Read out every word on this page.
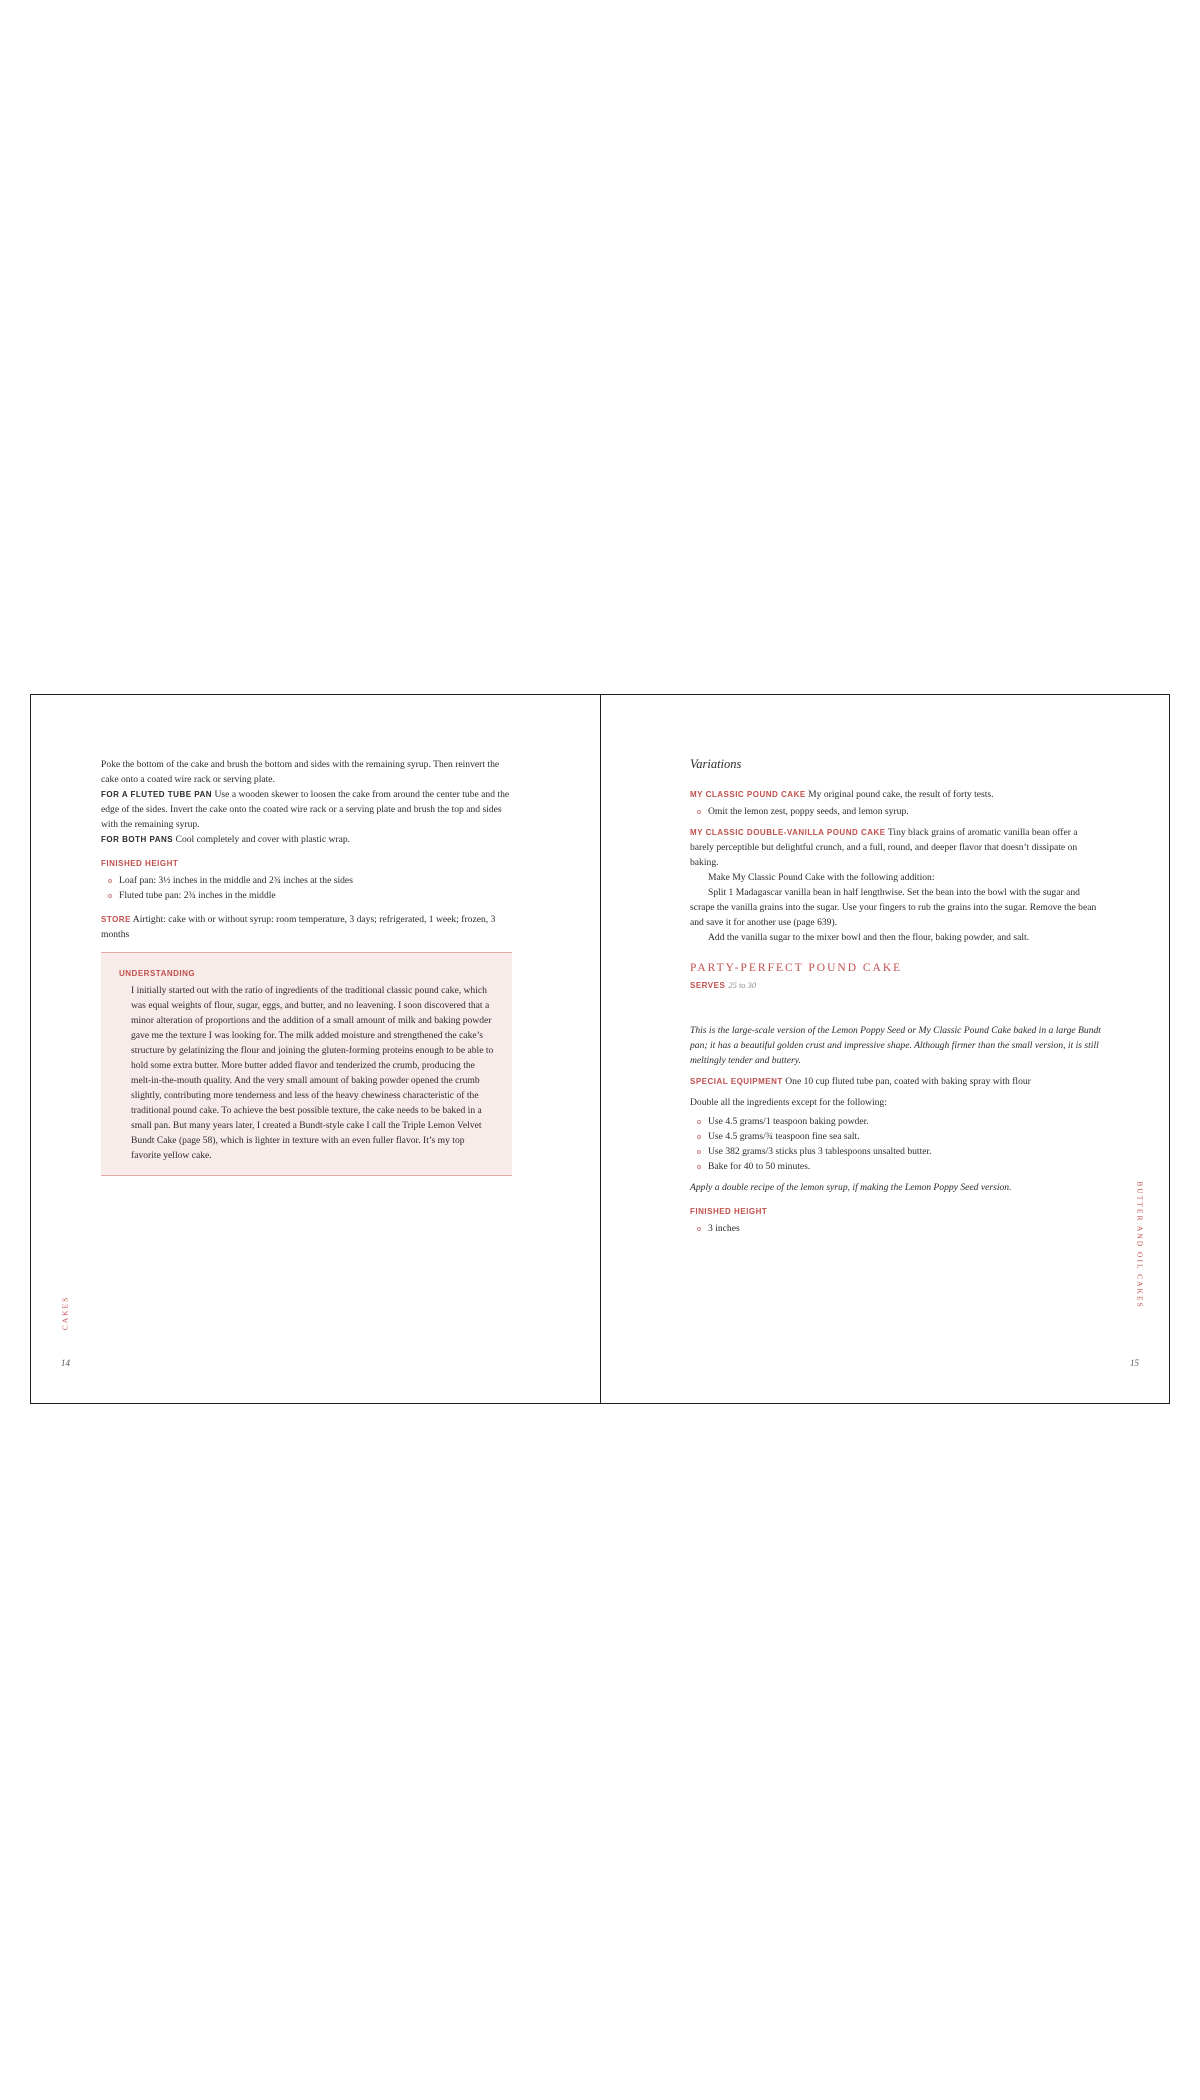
Poke the bottom of the cake and brush the bottom and sides with the remaining syrup. Then reinvert the cake onto a coated wire rack or serving plate.

FOR A FLUTED TUBE PAN Use a wooden skewer to loosen the cake from around the center tube and the edge of the sides. Invert the cake onto the coated wire rack or a serving plate and brush the top and sides with the remaining syrup.

FOR BOTH PANS Cool completely and cover with plastic wrap.

FINISHED HEIGHT

Loaf pan: 3½ inches in the middle and 2¾ inches at the sides
Fluted tube pan: 2¾ inches in the middle

STORE Airtight: cake with or without syrup: room temperature, 3 days; refrigerated, 1 week; frozen, 3 months

UNDERSTANDING

I initially started out with the ratio of ingredients of the traditional classic pound cake, which was equal weights of flour, sugar, eggs, and butter, and no leavening. I soon discovered that a minor alteration of proportions and the addition of a small amount of milk and baking powder gave me the texture I was looking for. The milk added moisture and strengthened the cake’s structure by gelatinizing the flour and joining the gluten-forming proteins enough to be able to hold some extra butter. More butter added flavor and tenderized the crumb, producing the melt-in-the-mouth quality. And the very small amount of baking powder opened the crumb slightly, contributing more tenderness and less of the heavy chewiness characteristic of the traditional pound cake. To achieve the best possible texture, the cake needs to be baked in a small pan. But many years later, I created a Bundt-style cake I call the Triple Lemon Velvet Bundt Cake (page 58), which is lighter in texture with an even fuller flavor. It’s my top favorite yellow cake.

CAKES
14

Variations

MY CLASSIC POUND CAKE My original pound cake, the result of forty tests.

Omit the lemon zest, poppy seeds, and lemon syrup.

MY CLASSIC DOUBLE-VANILLA POUND CAKE Tiny black grains of aromatic vanilla bean offer a barely perceptible but delightful crunch, and a full, round, and deeper flavor that doesn’t dissipate on baking.

Make My Classic Pound Cake with the following addition:

Split 1 Madagascar vanilla bean in half lengthwise. Set the bean into the bowl with the sugar and scrape the vanilla grains into the sugar. Use your fingers to rub the grains into the sugar. Remove the bean and save it for another use (page 639).

Add the vanilla sugar to the mixer bowl and then the flour, baking powder, and salt.

PARTY-PERFECT POUND CAKE

SERVES 25 to 30

This is the large-scale version of the Lemon Poppy Seed or My Classic Pound Cake baked in a large Bundt pan; it has a beautiful golden crust and impressive shape. Although firmer than the small version, it is still meltingly tender and buttery.

SPECIAL EQUIPMENT One 10 cup fluted tube pan, coated with baking spray with flour

Double all the ingredients except for the following:

Use 4.5 grams/1 teaspoon baking powder.
Use 4.5 grams/¾ teaspoon fine sea salt.
Use 382 grams/3 sticks plus 3 tablespoons unsalted butter.
Bake for 40 to 50 minutes.

Apply a double recipe of the lemon syrup, if making the Lemon Poppy Seed version.

FINISHED HEIGHT

3 inches	BUTTER AND OIL CAKES
15
